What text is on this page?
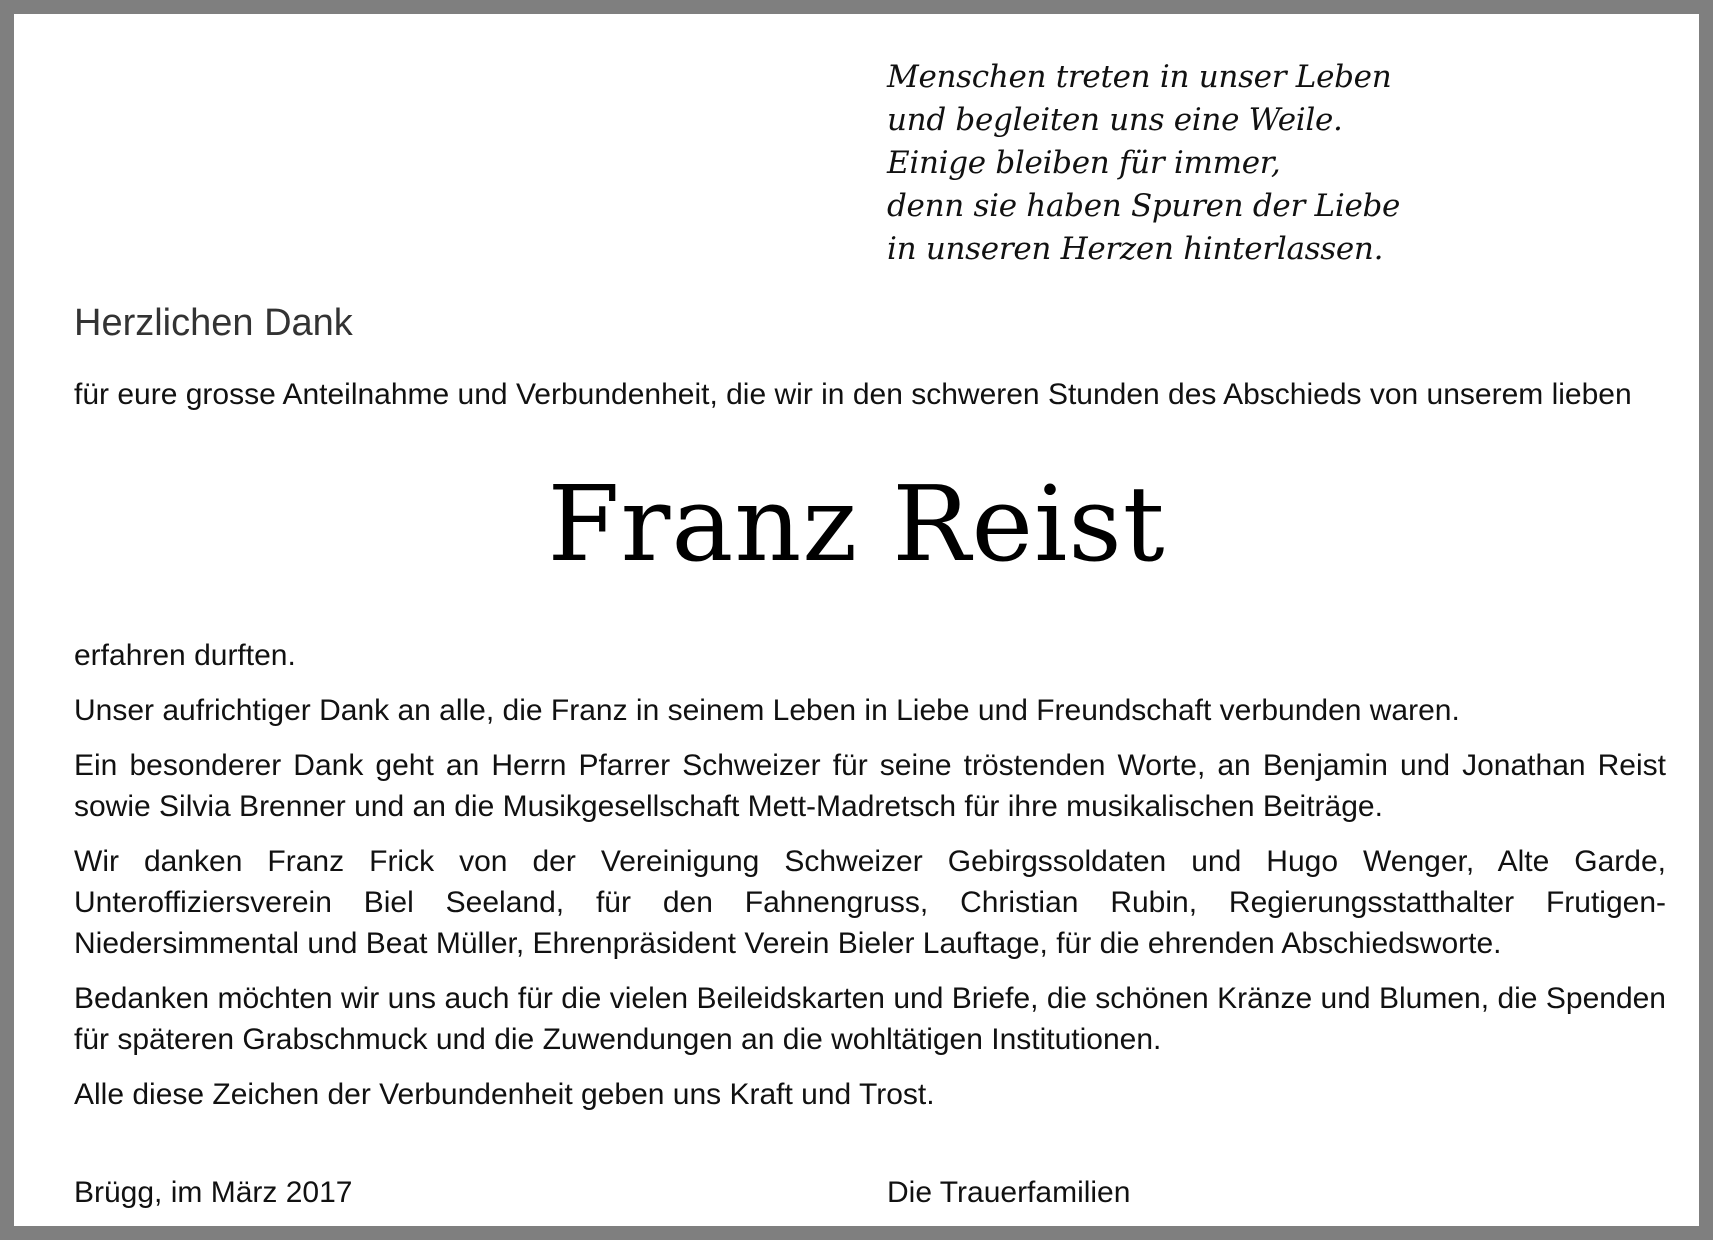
Menschen treten in unser Leben
und begleiten uns eine Weile.
Einige bleiben für immer,
denn sie haben Spuren der Liebe
in unseren Herzen hinterlassen.
Herzlichen Dank
für eure grosse Anteilnahme und Verbundenheit, die wir in den schweren Stunden des Abschieds von unserem lieben
Franz Reist

erfahren durften.

Unser aufrichtiger Dank an alle, die Franz in seinem Leben in Liebe und Freundschaft verbunden waren.

Ein besonderer Dank geht an Herrn Pfarrer Schweizer für seine tröstenden Worte, an Benjamin und Jonathan Reist sowie Silvia Brenner und an die Musikgesellschaft Mett-Madretsch für ihre musikalischen Beiträge.

Wir danken Franz Frick von der Vereinigung Schweizer Gebirgssoldaten und Hugo Wenger, Alte Garde, Unteroffiziersverein Biel Seeland, für den Fahnengruss, Christian Rubin, Regierungsstatthalter Frutigen-Niedersimmental und Beat Müller, Ehrenpräsident Verein Bieler Lauftage, für die ehrenden Abschiedsworte.

Bedanken möchten wir uns auch für die vielen Beileidskarten und Briefe, die schönen Kränze und Blumen, die Spenden für späteren Grabschmuck und die Zuwendungen an die wohltätigen Institutionen.

Alle diese Zeichen der Verbundenheit geben uns Kraft und Trost.

Brügg, im März 2017	Die Trauerfamilien
